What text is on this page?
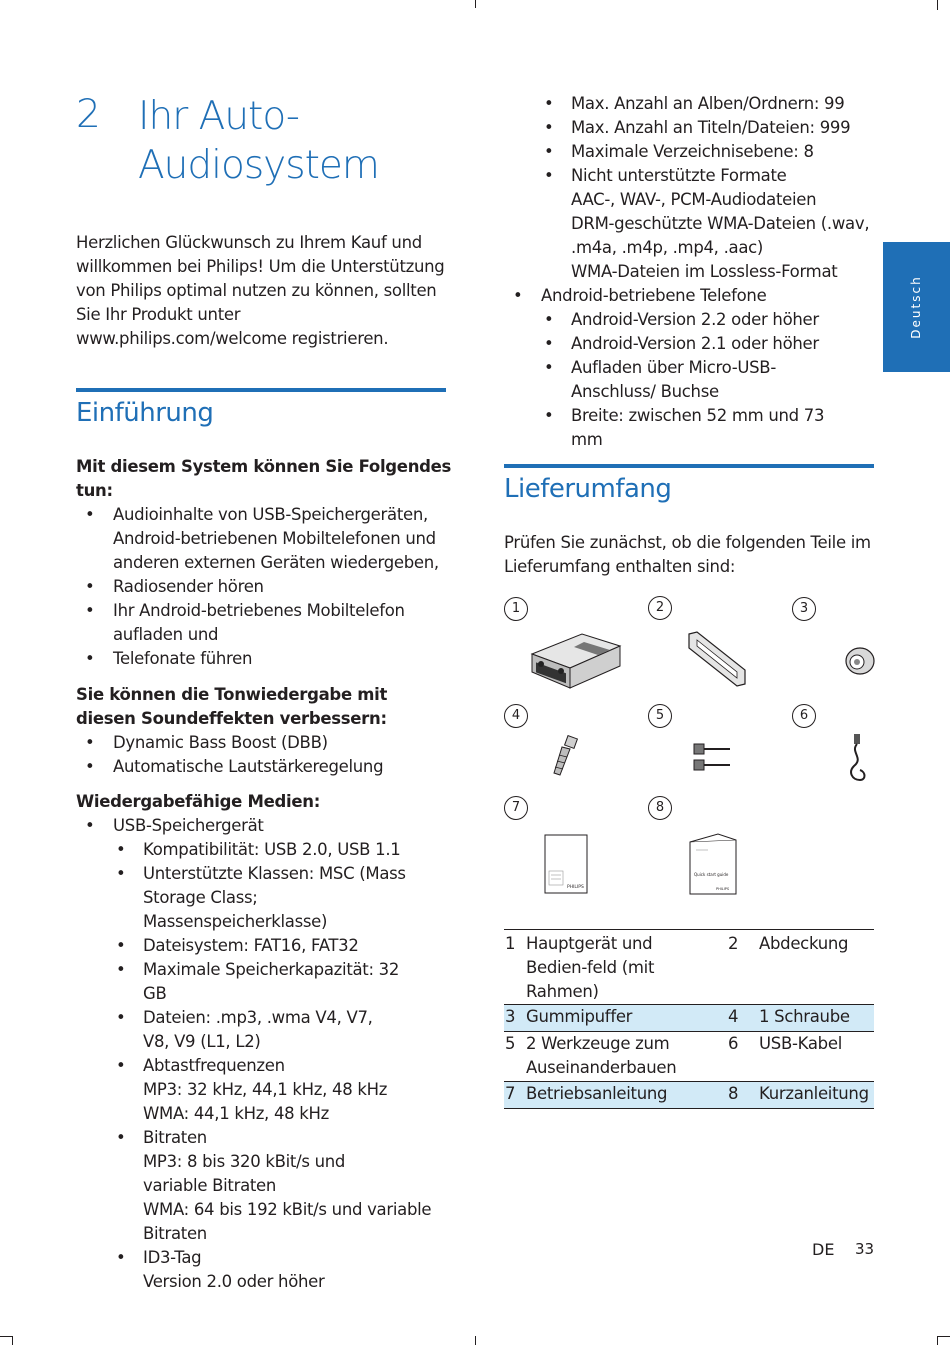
2 Ihr Auto-
Audiosystem
Herzlichen Glückwunsch zu Ihrem Kauf und willkommen bei Philips! Um die Unterstützung von Philips optimal nutzen zu können, sollten Sie Ihr Produkt unter www.philips.com/welcome registrieren.
Einführung
Mit diesem System können Sie Folgendes tun:
• Audioinhalte von USB-Speichergeräten, Android-betriebenen Mobiltelefonen und anderen externen Geräten wiedergeben,
• Radiosender hören
• Ihr Android-betriebenes Mobiltelefon aufladen und
• Telefonate führen
Sie können die Tonwiedergabe mit diesen Soundeffekten verbessern:
• Dynamic Bass Boost (DBB)
• Automatische Lautstärkeregelung
Wiedergabefähige Medien:
• USB-Speichergerät
• Kompatibilität: USB 2.0, USB 1.1
• Unterstützte Klassen: MSC (Mass Storage Class; Massenspeicherklasse)
• Dateisystem: FAT16, FAT32
• Maximale Speicherkapazität: 32 GB
• Dateien: .mp3, .wma V4, V7, V8, V9 (L1, L2)
• Abtastfrequenzen
MP3: 32 kHz, 44,1 kHz, 48 kHz
WMA: 44,1 kHz, 48 kHz
• Bitraten
MP3: 8 bis 320 kBit/s und variable Bitraten
WMA: 64 bis 192 kBit/s und variable Bitraten
• ID3-Tag
Version 2.0 oder höher
• Max. Anzahl an Alben/Ordnern: 99
• Max. Anzahl an Titeln/Dateien: 999
• Maximale Verzeichnisebene: 8
• Nicht unterstützte Formate
AAC-, WAV-, PCM-Audiodateien
DRM-geschützte WMA-Dateien (.wav, .m4a, .m4p, .mp4, .aac)
WMA-Dateien im Lossless-Format
• Android-betriebene Telefone
• Android-Version 2.2 oder höher
• Android-Version 2.1 oder höher
• Aufladen über Micro-USB-Anschluss/ Buchse
• Breite: zwischen 52 mm und 73 mm
Deutsch
Lieferumfang
Prüfen Sie zunächst, ob die folgenden Teile im Lieferumfang enthalten sind:
1	2	3
4	5	6
7	8
PHILIPS
Quick start guide
PHILIPS
1	Hauptgerät und Bedien-feld (mit Rahmen)	2	Abdeckung
3	Gummipuffer	4	1 Schraube
5	2 Werkzeuge zum Auseinanderbauen	6	USB-Kabel
7	Betriebsanleitung	8	Kurzanleitung
DE 33
